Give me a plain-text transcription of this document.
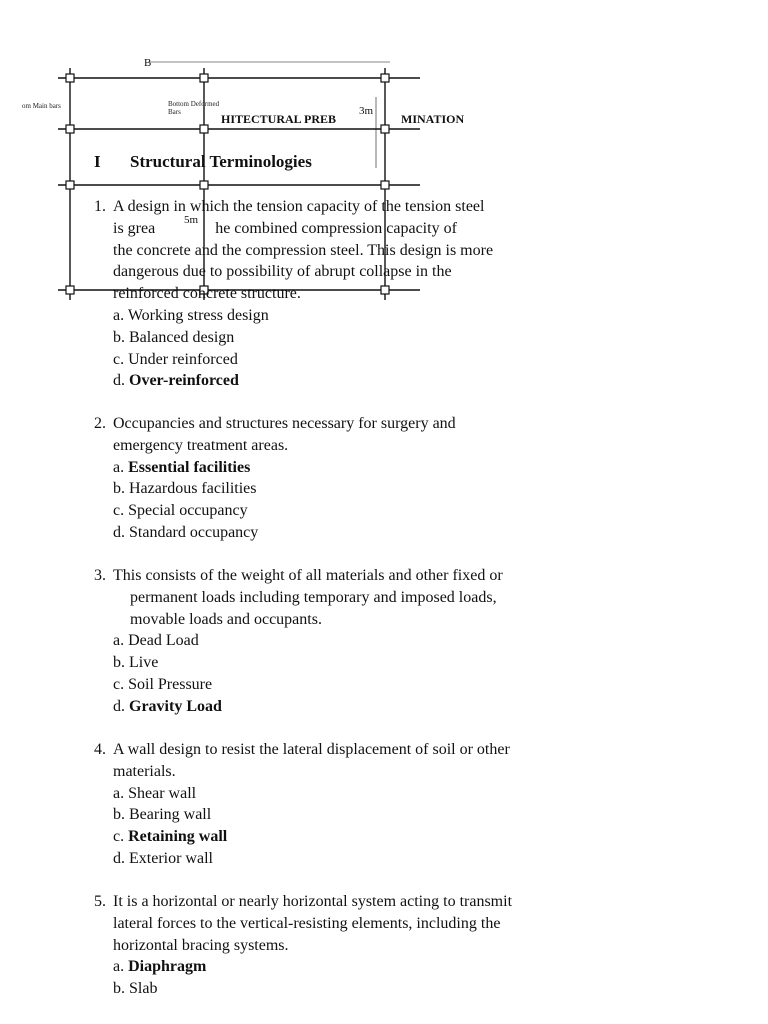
B
om Main bars	Bottom Deformed
Bars	3m
5m
HITECTURAL PREB	MINATION
I Structural Terminologies
1. A design in which the tension capacity of the tension steel
is grea	he combined compression capacity of
the concrete and the compression steel. This design is more
dangerous due to possibility of abrupt collapse in the
reinforced concrete structure.
a. Working stress design
b. Balanced design
c. Under reinforced
d. Over-reinforced
2. Occupancies and structures necessary for surgery and
emergency treatment areas.
a. Essential facilities
b. Hazardous facilities
c. Special occupancy
d. Standard occupancy
3. This consists of the weight of all materials and other fixed or
permanent loads including temporary and imposed loads,
movable loads and occupants.
a. Dead Load
b. Live
c. Soil Pressure
d. Gravity Load
4. A wall design to resist the lateral displacement of soil or other
materials.
a. Shear wall
b. Bearing wall
c. Retaining wall
d. Exterior wall
5. It is a horizontal or nearly horizontal system acting to transmit
lateral forces to the vertical-resisting elements, including the
horizontal bracing systems.
a. Diaphragm
b. Slab
